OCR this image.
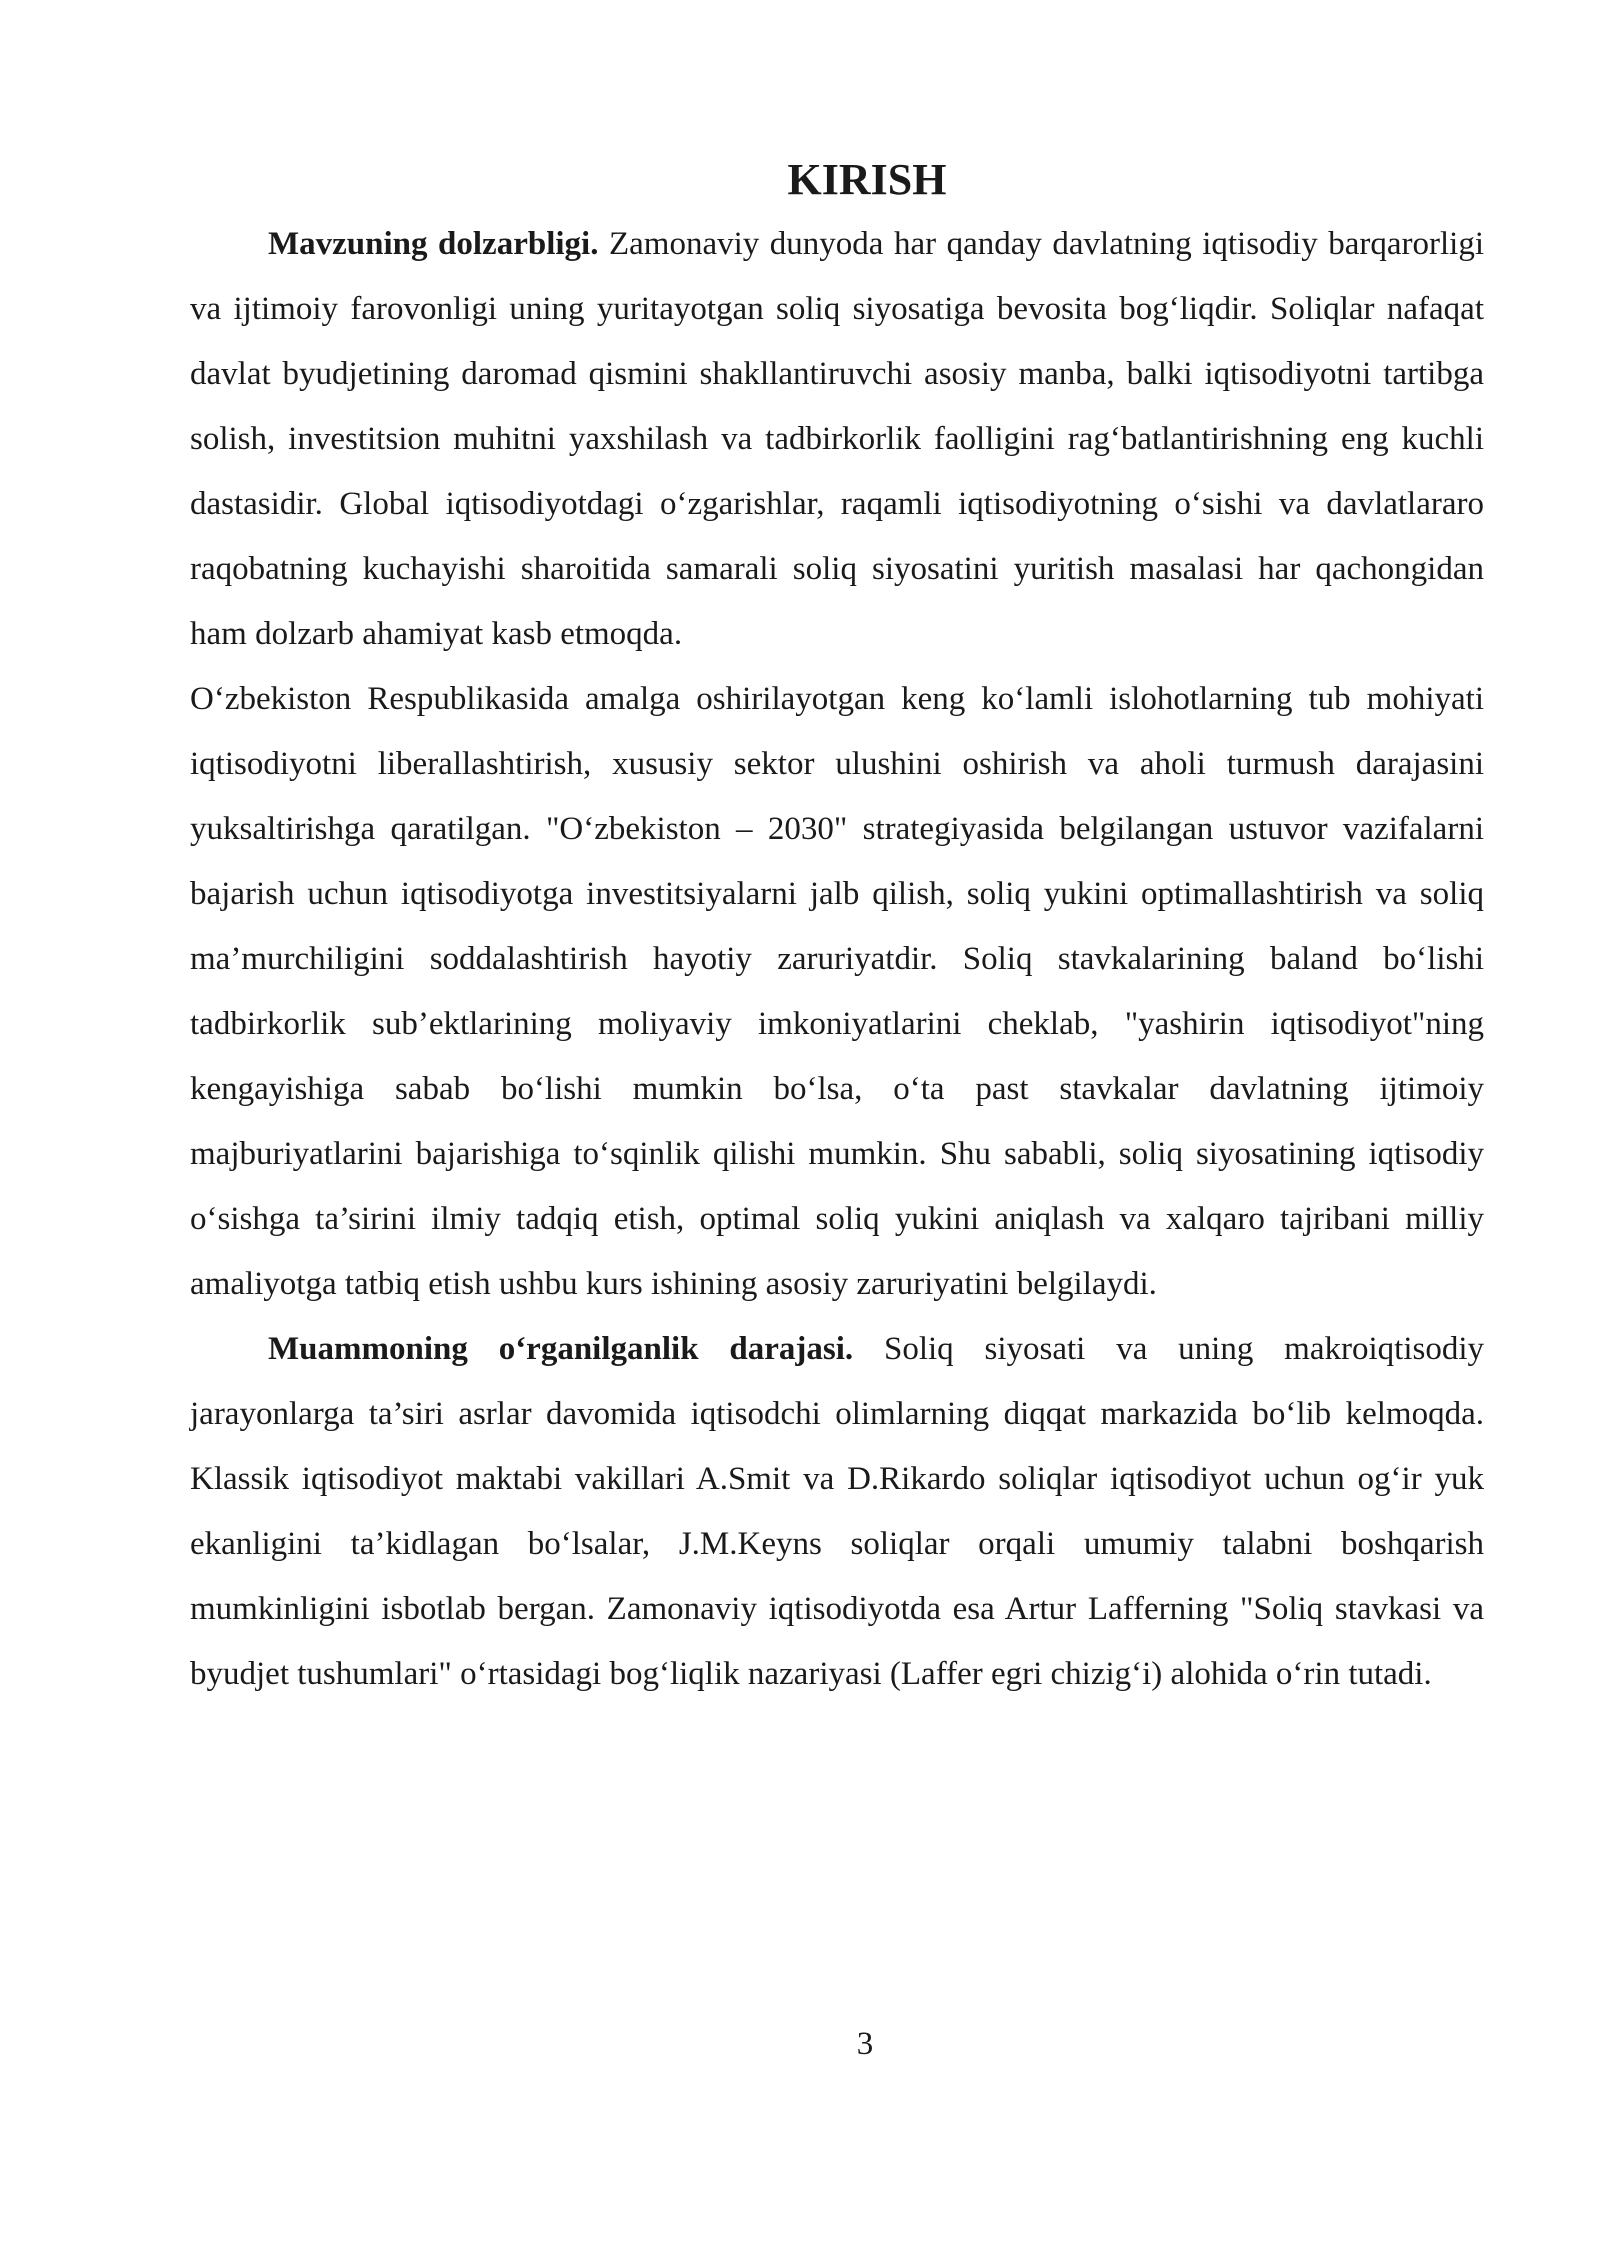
KIRISH

Mavzuning dolzarbligi. Zamonaviy dunyoda har qanday davlatning iqtisodiy barqarorligi va ijtimoiy farovonligi uning yuritayotgan soliq siyosatiga bevosita bog‘liqdir. Soliqlar nafaqat davlat byudjetining daromad qismini shakllantiruvchi asosiy manba, balki iqtisodiyotni tartibga solish, investitsion muhitni yaxshilash va tadbirkorlik faolligini rag‘batlantirishning eng kuchli dastasidir. Global iqtisodiyotdagi o‘zgarishlar, raqamli iqtisodiyotning o‘sishi va davlatlararo raqobatning kuchayishi sharoitida samarali soliq siyosatini yuritish masalasi har qachongidan ham dolzarb ahamiyat kasb etmoqda.

O‘zbekiston Respublikasida amalga oshirilayotgan keng ko‘lamli islohotlarning tub mohiyati iqtisodiyotni liberallashtirish, xususiy sektor ulushini oshirish va aholi turmush darajasini yuksaltirishga qaratilgan. "O‘zbekiston – 2030" strategiyasida belgilangan ustuvor vazifalarni bajarish uchun iqtisodiyotga investitsiyalarni jalb qilish, soliq yukini optimallashtirish va soliq ma’murchiligini soddalashtirish hayotiy zaruriyatdir. Soliq stavkalarining baland bo‘lishi tadbirkorlik sub’ektlarining moliyaviy imkoniyatlarini cheklab, "yashirin iqtisodiyot"ning kengayishiga sabab bo‘lishi mumkin bo‘lsa, o‘ta past stavkalar davlatning ijtimoiy majburiyatlarini bajarishiga to‘sqinlik qilishi mumkin. Shu sababli, soliq siyosatining iqtisodiy o‘sishga ta’sirini ilmiy tadqiq etish, optimal soliq yukini aniqlash va xalqaro tajribani milliy amaliyotga tatbiq etish ushbu kurs ishining asosiy zaruriyatini belgilaydi.

Muammoning o‘rganilganlik darajasi. Soliq siyosati va uning makroiqtisodiy jarayonlarga ta’siri asrlar davomida iqtisodchi olimlarning diqqat markazida bo‘lib kelmoqda. Klassik iqtisodiyot maktabi vakillari A.Smit va D.Rikardo soliqlar iqtisodiyot uchun og‘ir yuk ekanligini ta’kidlagan bo‘lsalar, J.M.Keyns soliqlar orqali umumiy talabni boshqarish mumkinligini isbotlab bergan. Zamonaviy iqtisodiyotda esa Artur Lafferning "Soliq stavkasi va byudjet tushumlari" o‘rtasidagi bog‘liqlik nazariyasi (Laffer egri chizig‘i) alohida o‘rin tutadi.

3
